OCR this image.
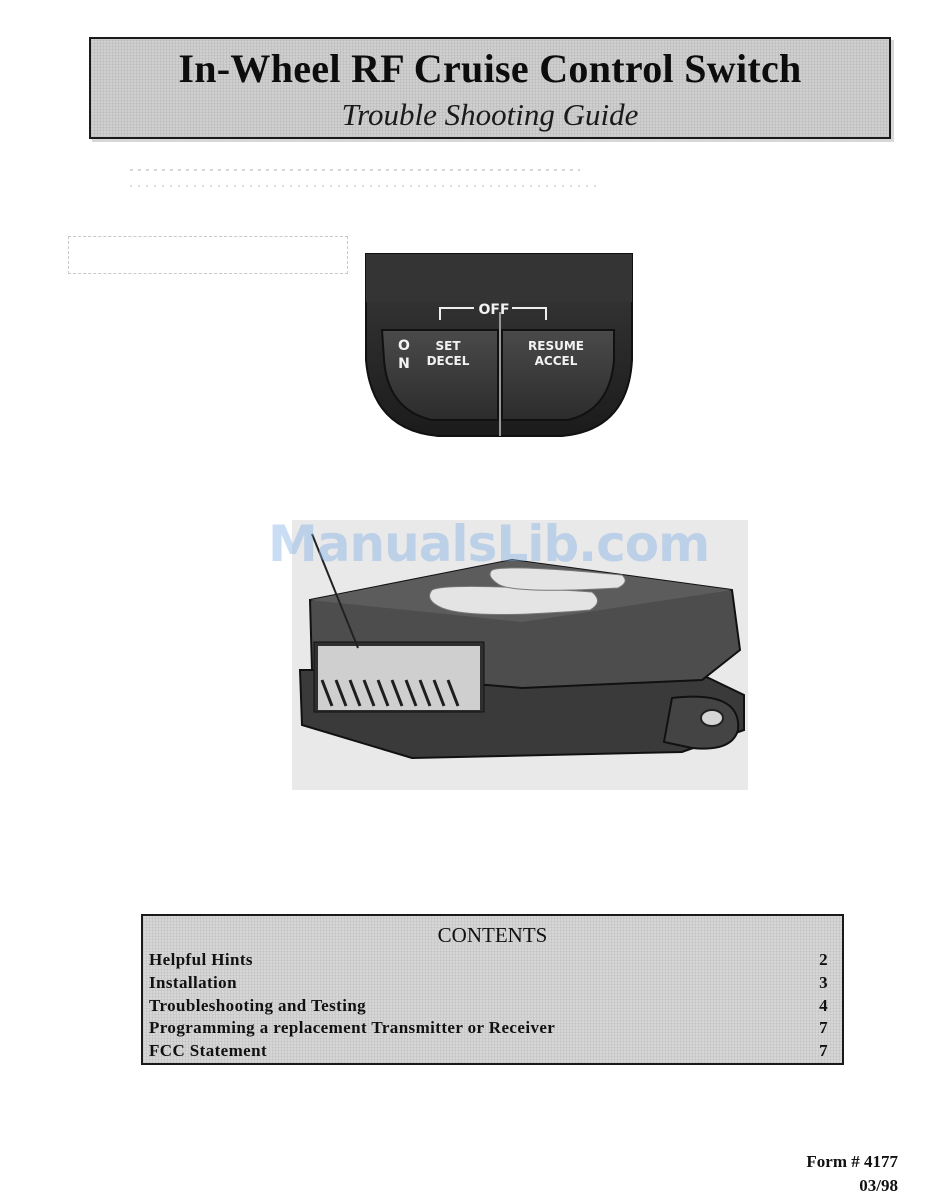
In-Wheel RF Cruise Control Switch
Trouble Shooting Guide
OFF
O
N
SET
DECEL
RESUME
ACCEL
ManualsLib.com
CONTENTS
Helpful Hints	2
Installation	3
Troubleshooting and Testing	4
Programming a replacement Transmitter or Receiver	7
FCC Statement	7
Form # 4177
03/98
